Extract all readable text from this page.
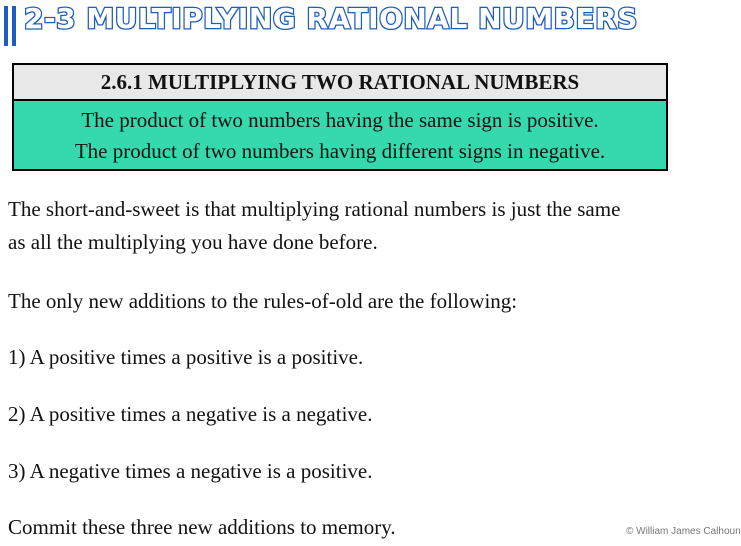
2-3 MULTIPLYING RATIONAL NUMBERS
2.6.1 MULTIPLYING TWO RATIONAL NUMBERS
The product of two numbers having the same sign is positive.
The product of two numbers having different signs in negative.
The short-and-sweet is that multiplying rational numbers is just the same
as all the multiplying you have done before.
The only new additions to the rules-of-old are the following:
1) A positive times a positive is a positive.
2) A positive times a negative is a negative.
3) A negative times a negative is a positive.
Commit these three new additions to memory.	© William James Calhoun
